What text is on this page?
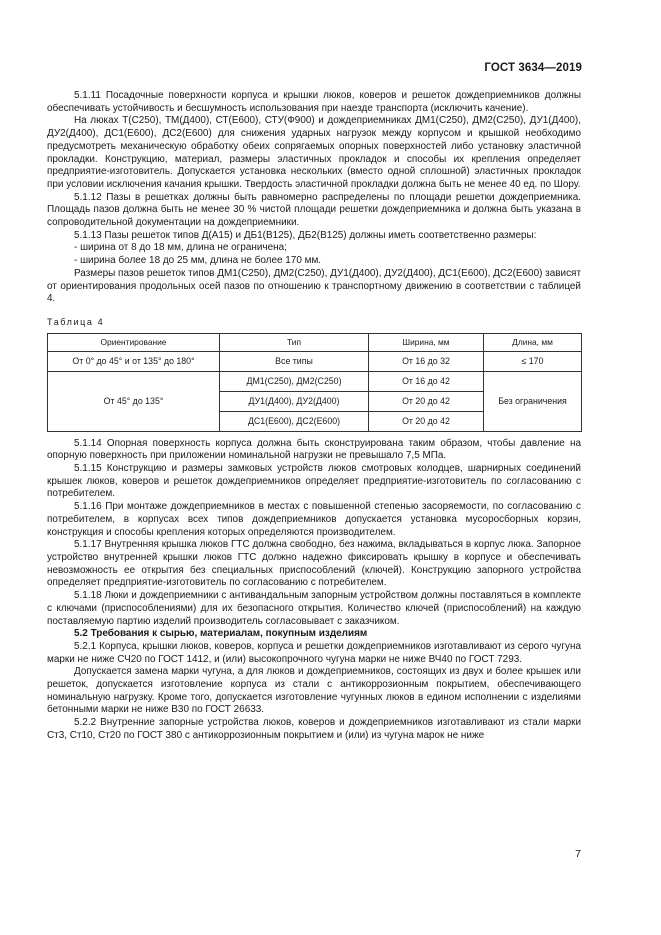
ГОСТ 3634—2019

5.1.11 Посадочные поверхности корпуса и крышки люков, коверов и решеток дождеприемников должны обеспечивать устойчивость и бесшумность использования при наезде транспорта (исключить качение).

На люках Т(С250), ТМ(Д400), СТ(Е600), СТУ(Ф900) и дождеприемниках ДМ1(С250), ДМ2(С250), ДУ1(Д400), ДУ2(Д400), ДС1(Е600), ДС2(Е600) для снижения ударных нагрузок между корпусом и крышкой необходимо предусмотреть механическую обработку обеих сопрягаемых опорных поверхностей либо установку эластичной прокладки. Конструкцию, материал, размеры эластичных прокладок и способы их крепления определяет предприятие-изготовитель. Допускается установка нескольких (вместо одной сплошной) эластичных прокладок при условии исключения качания крышки. Твердость эластичной прокладки должна быть не менее 40 ед. по Шору.

5.1.12 Пазы в решетках должны быть равномерно распределены по площади решетки дождеприемника. Площадь пазов должна быть не менее 30 % чистой площади решетки дождеприемника и должна быть указана в сопроводительной документации на дождеприемники.

5.1.13 Пазы решеток типов Д(А15) и ДБ1(В125), ДБ2(В125) должны иметь соответственно размеры:

- ширина от 8 до 18 мм, длина не ограничена;

- ширина более 18 до 25 мм, длина не более 170 мм.

Размеры пазов решеток типов ДМ1(С250), ДМ2(С250), ДУ1(Д400), ДУ2(Д400), ДС1(Е600), ДС2(Е600) зависят от ориентирования продольных осей пазов по отношению к транспортному движению в соответствии с таблицей 4.

Таблица 4
Ориентирование	Тип	Ширина, мм	Длина, мм
От 0° до 45° и от 135° до 180°	Все типы	От 16 до 32	≤ 170
От 45° до 135°	ДМ1(С250), ДМ2(С250)	От 16 до 42	Без ограничения
	ДУ1(Д400), ДУ2(Д400)	От 20 до 42	
	ДС1(Е600), ДС2(Е600)	От 20 до 42	

5.1.14 Опорная поверхность корпуса должна быть сконструирована таким образом, чтобы давление на опорную поверхность при приложении номинальной нагрузки не превышало 7,5 МПа.

5.1.15 Конструкцию и размеры замковых устройств люков смотровых колодцев, шарнирных соединений крышек люков, коверов и решеток дождеприемников определяет предприятие-изготовитель по согласованию с потребителем.

5.1.16 При монтаже дождеприемников в местах с повышенной степенью засоряемости, по согласованию с потребителем, в корпусах всех типов дождеприемников допускается установка мусоросборных корзин, конструкция и способы крепления которых определяются производителем.

5.1.17 Внутренняя крышка люков ГТС должна свободно, без нажима, вкладываться в корпус люка. Запорное устройство внутренней крышки люков ГТС должно надежно фиксировать крышку в корпусе и обеспечивать невозможность ее открытия без специальных приспособлений (ключей). Конструкцию запорного устройства определяет предприятие-изготовитель по согласованию с потребителем.

5.1.18 Люки и дождеприемники с антивандальным запорным устройством должны поставляться в комплекте с ключами (приспособлениями) для их безопасного открытия. Количество ключей (приспособлений) на каждую поставляемую партию изделий производитель согласовывает с заказчиком.

5.2 Требования к сырью, материалам, покупным изделиям

5.2.1 Корпуса, крышки люков, коверов, корпуса и решетки дождеприемников изготавливают из серого чугуна марки не ниже СЧ20 по ГОСТ 1412, и (или) высокопрочного чугуна марки не ниже ВЧ40 по ГОСТ 7293.

Допускается замена марки чугуна, а для люков и дождеприемников, состоящих из двух и более крышек или решеток, допускается изготовление корпуса из стали с антикоррозионным покрытием, обеспечивающего номинальную нагрузку. Кроме того, допускается изготовление чугунных люков в едином исполнении с изделиями бетонными марки не ниже В30 по ГОСТ 26633.

5.2.2 Внутренние запорные устройства люков, коверов и дождеприемников изготавливают из стали марки Ст3, Ст10, Ст20 по ГОСТ 380 с антикоррозионным покрытием и (или) из чугуна марок не ниже

7
